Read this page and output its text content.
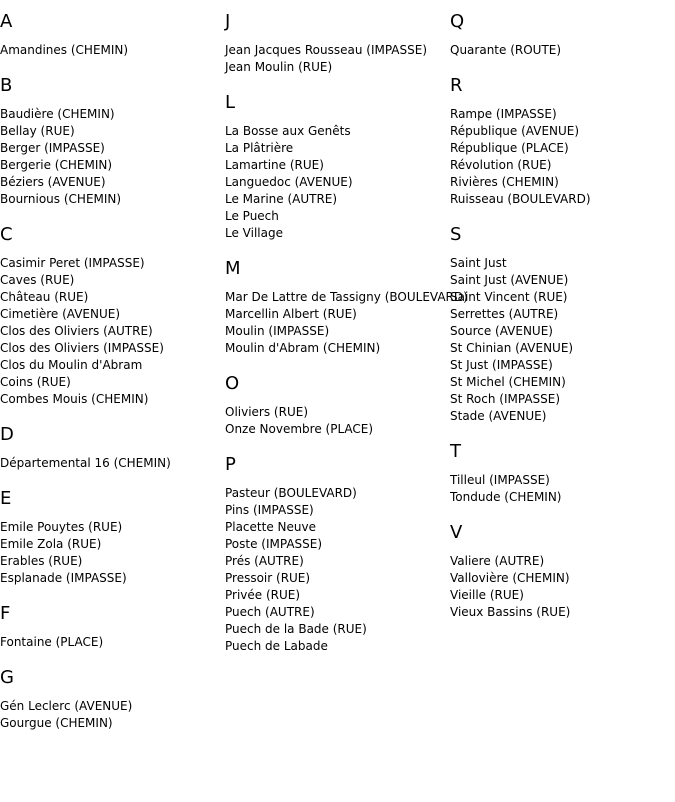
A
Amandines (CHEMIN)
B
Baudière (CHEMIN)
Bellay (RUE)
Berger (IMPASSE)
Bergerie (CHEMIN)
Béziers (AVENUE)
Bournious (CHEMIN)
C
Casimir Peret (IMPASSE)
Caves (RUE)
Château (RUE)
Cimetière (AVENUE)
Clos des Oliviers (AUTRE)
Clos des Oliviers (IMPASSE)
Clos du Moulin d'Abram
Coins (RUE)
Combes Mouis (CHEMIN)
D
Départemental 16 (CHEMIN)
E
Emile Pouytes (RUE)
Emile Zola (RUE)
Erables (RUE)
Esplanade (IMPASSE)
F
Fontaine (PLACE)
G
Gén Leclerc (AVENUE)
Gourgue (CHEMIN)
J
Jean Jacques Rousseau (IMPASSE)
Jean Moulin (RUE)
L
La Bosse aux Genêts
La Plâtrière
Lamartine (RUE)
Languedoc (AVENUE)
Le Marine (AUTRE)
Le Puech
Le Village
M
Mar De Lattre de Tassigny (BOULEVARD)
Marcellin Albert (RUE)
Moulin (IMPASSE)
Moulin d'Abram (CHEMIN)
O
Oliviers (RUE)
Onze Novembre (PLACE)
P
Pasteur (BOULEVARD)
Pins (IMPASSE)
Placette Neuve
Poste (IMPASSE)
Prés (AUTRE)
Pressoir (RUE)
Privée (RUE)
Puech (AUTRE)
Puech de la Bade (RUE)
Puech de Labade
Q
Quarante (ROUTE)
R
Rampe (IMPASSE)
République (AVENUE)
République (PLACE)
Révolution (RUE)
Rivières (CHEMIN)
Ruisseau (BOULEVARD)
S
Saint Just
Saint Just (AVENUE)
Saint Vincent (RUE)
Serrettes (AUTRE)
Source (AVENUE)
St Chinian (AVENUE)
St Just (IMPASSE)
St Michel (CHEMIN)
St Roch (IMPASSE)
Stade (AVENUE)
T
Tilleul (IMPASSE)
Tondude (CHEMIN)
V
Valiere (AUTRE)
Vallovière (CHEMIN)
Vieille (RUE)
Vieux Bassins (RUE)
